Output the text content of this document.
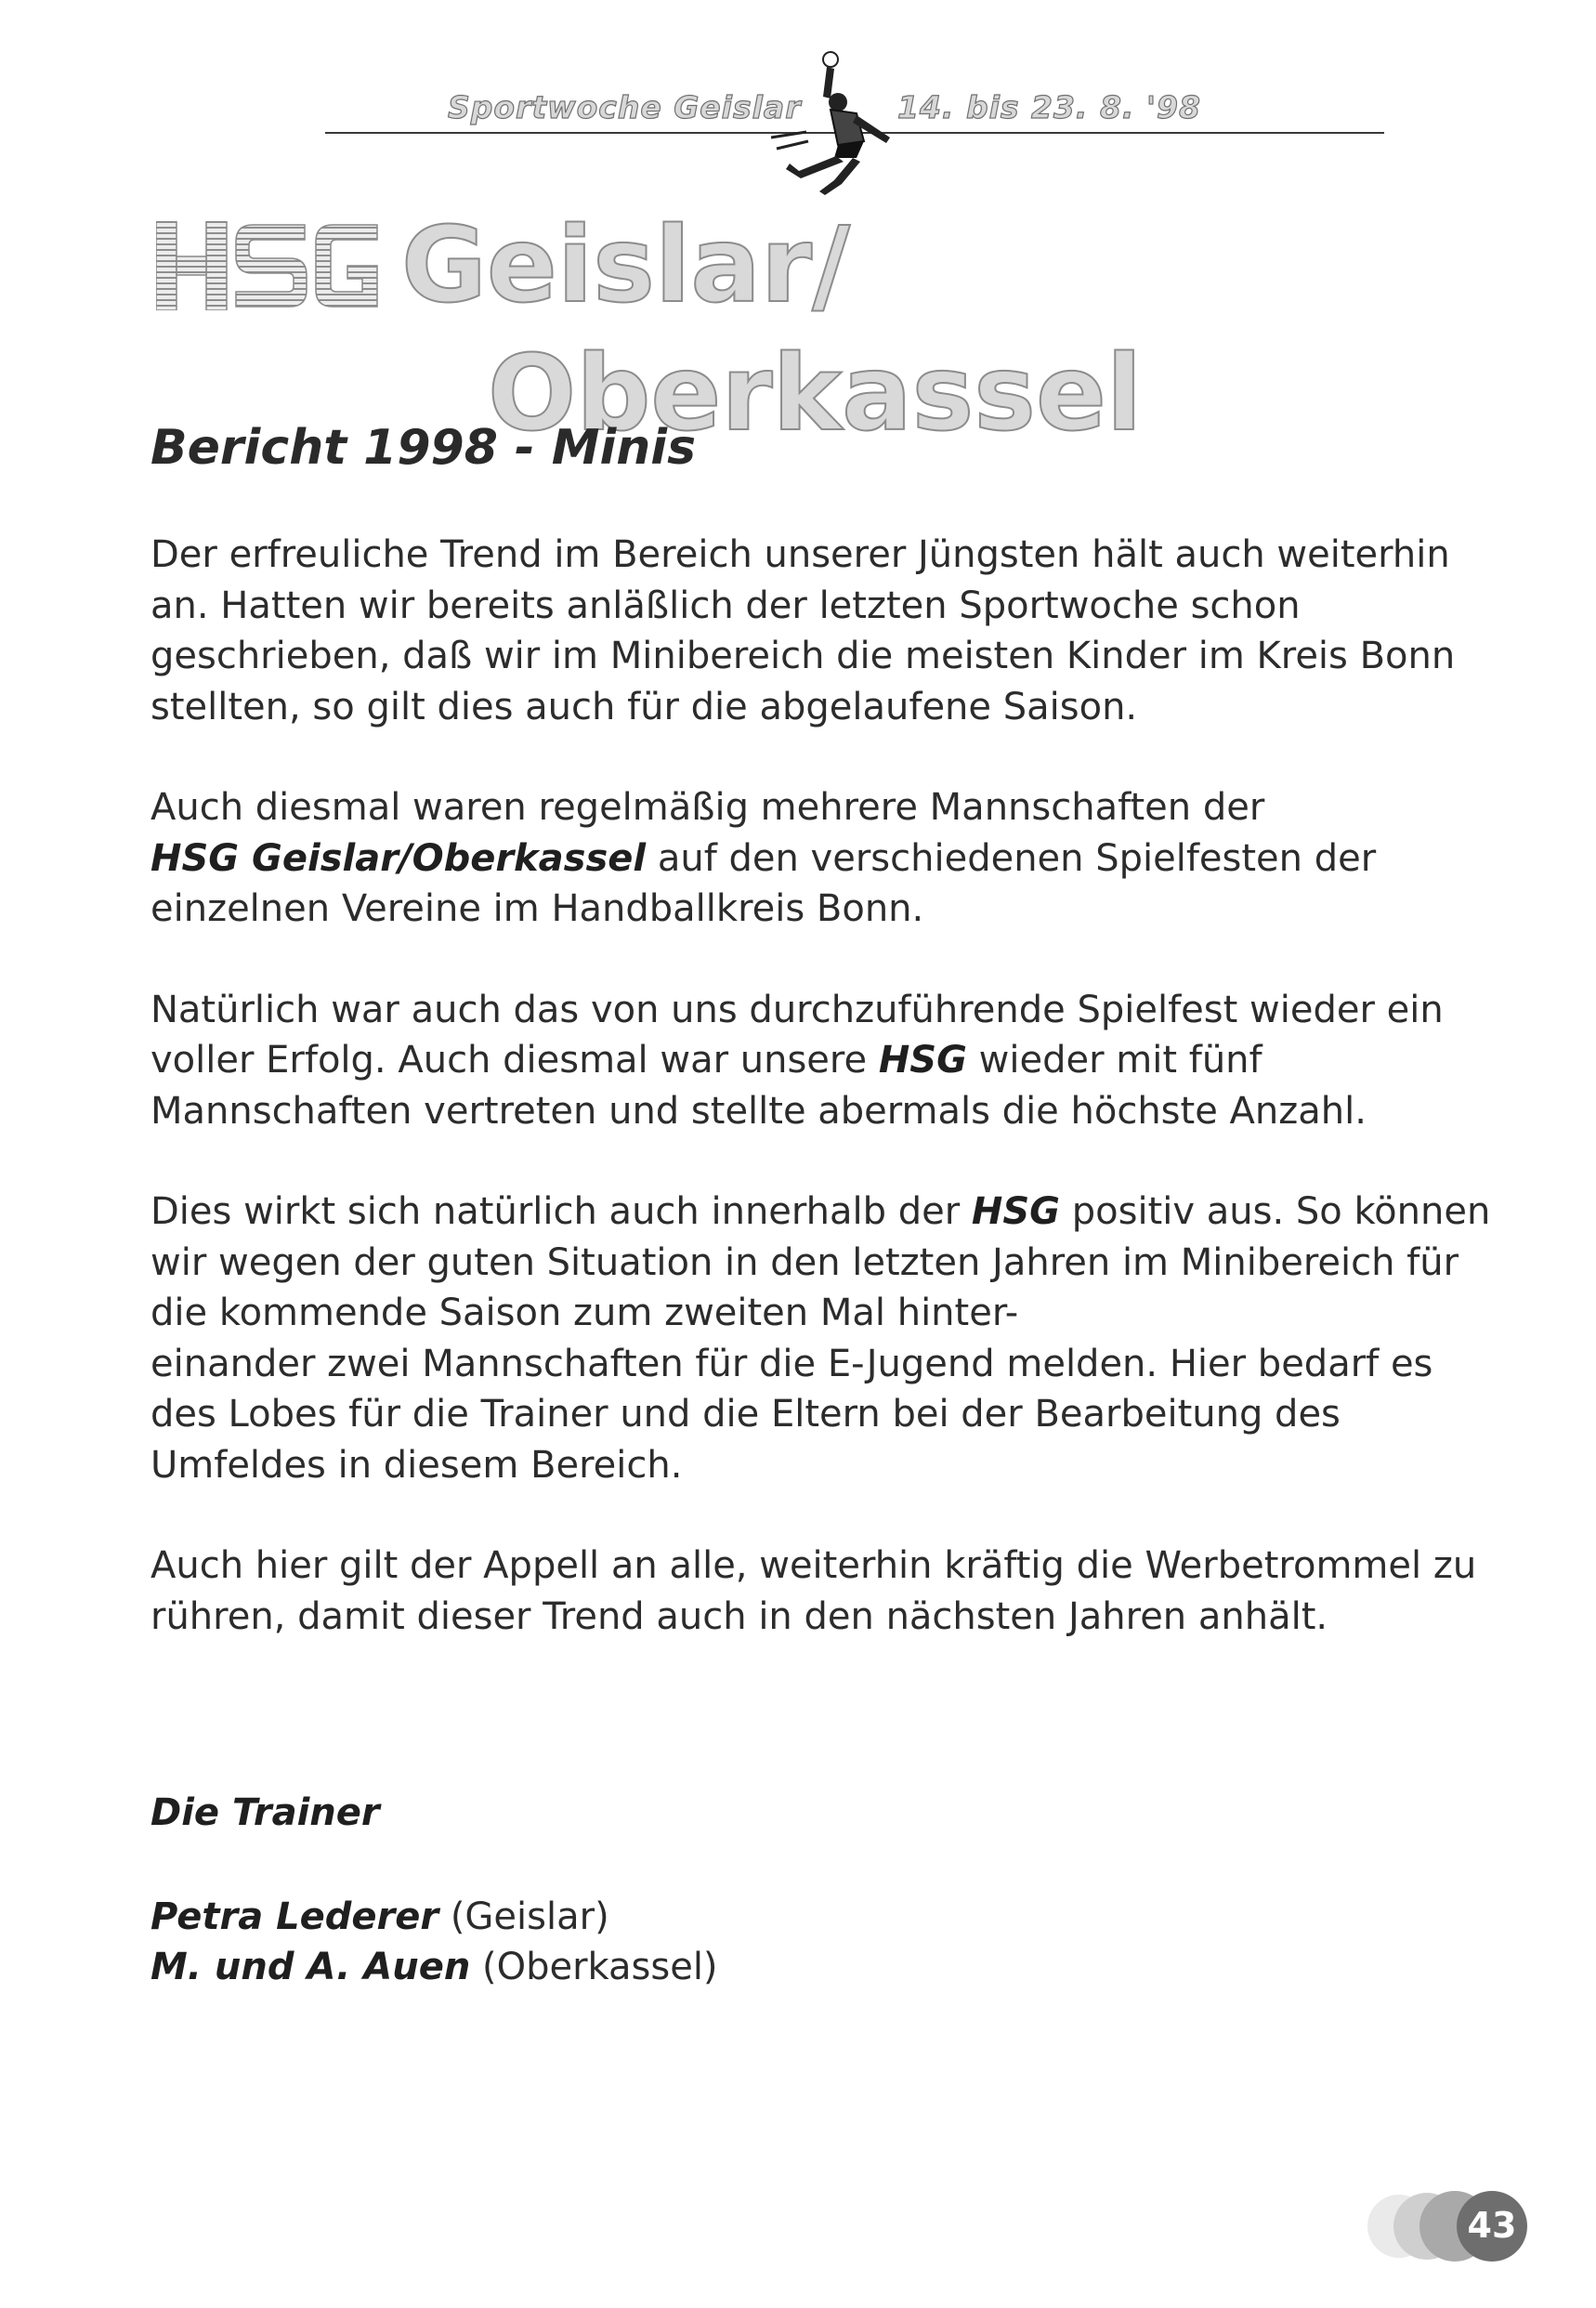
Sportwoche Geislar	14. bis 23. 8. '98
HSG Geislar/
Oberkassel
Bericht 1998 - Minis

Der erfreuliche Trend im Bereich unserer Jüngsten hält auch weiterhin an. Hatten wir bereits anläßlich der letzten Sportwoche schon geschrieben, daß wir im Minibereich die meisten Kinder im Kreis Bonn stellten, so gilt dies auch für die abgelaufene Saison.

Auch diesmal waren regelmäßig mehrere Mannschaften der
HSG Geislar/Oberkassel auf den verschiedenen Spielfesten der einzelnen Vereine im Handballkreis Bonn.

Natürlich war auch das von uns durchzuführende Spielfest wieder ein voller Erfolg. Auch diesmal war unsere HSG wieder mit fünf Mannschaften vertreten und stellte abermals die höchste Anzahl.

Dies wirkt sich natürlich auch innerhalb der HSG positiv aus. So können wir wegen der guten Situation in den letzten Jahren im Minibereich für die kommende Saison zum zweiten Mal hinter-
einander zwei Mannschaften für die E-Jugend melden. Hier bedarf es des Lobes für die Trainer und die Eltern bei der Bearbeitung des Umfeldes in diesem Bereich.

Auch hier gilt der Appell an alle, weiterhin kräftig die Werbetrommel zu rühren, damit dieser Trend auch in den nächsten Jahren anhält.

Die Trainer
Petra Lederer (Geislar)
M. und A. Auen (Oberkassel)
43
